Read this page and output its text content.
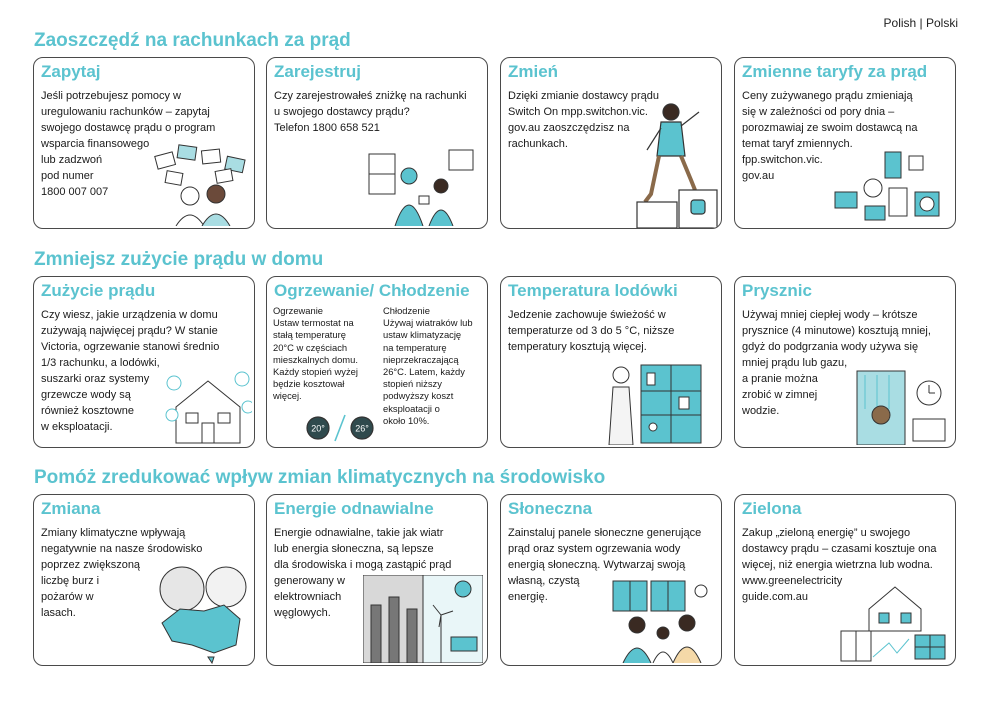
Polish | Polski
Zaoszczędź na rachunkach za prąd
Zapytaj
Jeśli potrzebujesz pomocy w
uregulowaniu rachunków – zapytaj
swojego dostawcę prądu o program
wsparcia finansowego
lub zadzwoń
pod numer
1800 007 007
Zarejestruj
Czy zarejestrowałeś zniżkę na rachunki
u swojego dostawcy prądu?
Telefon 1800 658 521
Zmień
Dzięki zmianie dostawcy prądu
Switch On mpp.switchon.vic.
gov.au zaoszczędzisz na
rachunkach.
Zmienne taryfy za prąd
Ceny zużywanego prądu zmieniają
się w zależności od pory dnia –
porozmawiaj ze swoim dostawcą na
temat taryf zmiennych.
fpp.switchon.vic.
gov.au
Zmniejsz zużycie prądu w domu
Zużycie prądu
Czy wiesz, jakie urządzenia w domu
zużywają najwięcej prądu? W stanie
Victoria, ogrzewanie stanowi średnio
1/3 rachunku, a lodówki,
suszarki oraz systemy
grzewcze wody są
również kosztowne
w eksploatacji.
Ogrzewanie/ Chłodzenie
Ogrzewanie
Ustaw termostat na
stałą temperaturę
20°C w częściach
mieszkalnych domu.
Każdy stopień wyżej
będzie kosztował
więcej.
Chłodzenie
Używaj wiatraków lub
ustaw klimatyzację
na temperaturę
nieprzekraczającą
26°C. Latem, każdy
stopień niższy
podwyższy koszt
eksploatacji o
około 10%.
20°	26°
Temperatura lodówki
Jedzenie zachowuje świeżość w
temperaturze od 3 do 5 °C, niższe
temperatury kosztują więcej.
Prysznic
Używaj mniej ciepłej wody – krótsze
prysznice (4 minutowe) kosztują mniej,
gdyż do podgrzania wody używa się
mniej prądu lub gazu,
a pranie można
zrobić w zimnej
wodzie.
Pomóż zredukować wpływ zmian klimatycznych na środowisko
Zmiana
Zmiany klimatyczne wpływają
negatywnie na nasze środowisko
poprzez zwiększoną
liczbę burz i
pożarów w
lasach.
Energie odnawialne
Energie odnawialne, takie jak wiatr
lub energia słoneczna, są lepsze
dla środowiska i mogą zastąpić prąd
generowany w
elektrowniach
węglowych.
Słoneczna
Zainstaluj panele słoneczne generujące
prąd oraz system ogrzewania wody
energią słoneczną. Wytwarzaj swoją
własną, czystą
energię.
Zielona
Zakup „zieloną energię” u swojego
dostawcy prądu – czasami kosztuje ona
więcej, niż energia wietrzna lub wodna.
www.greenelectricity
guide.com.au
